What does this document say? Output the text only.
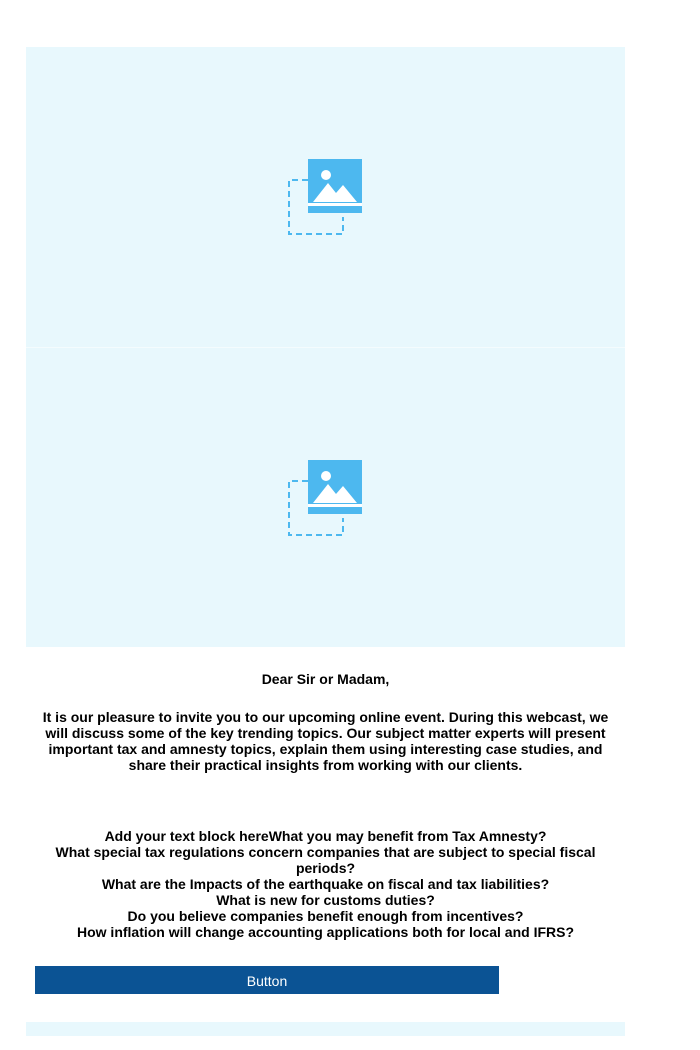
Dear Sir or Madam,

It is our pleasure to invite you to our upcoming online event. During this webcast, we will discuss some of the key trending topics. Our subject matter experts will present important tax and amnesty topics, explain them using interesting case studies, and share their practical insights from working with our clients.

Add your text block hereWhat you may benefit from Tax Amnesty?
What special tax regulations concern companies that are subject to special fiscal periods?
What are the Impacts of the earthquake on fiscal and tax liabilities?
What is new for customs duties?
Do you believe companies benefit enough from incentives?
How inflation will change accounting applications both for local and IFRS?
Button
